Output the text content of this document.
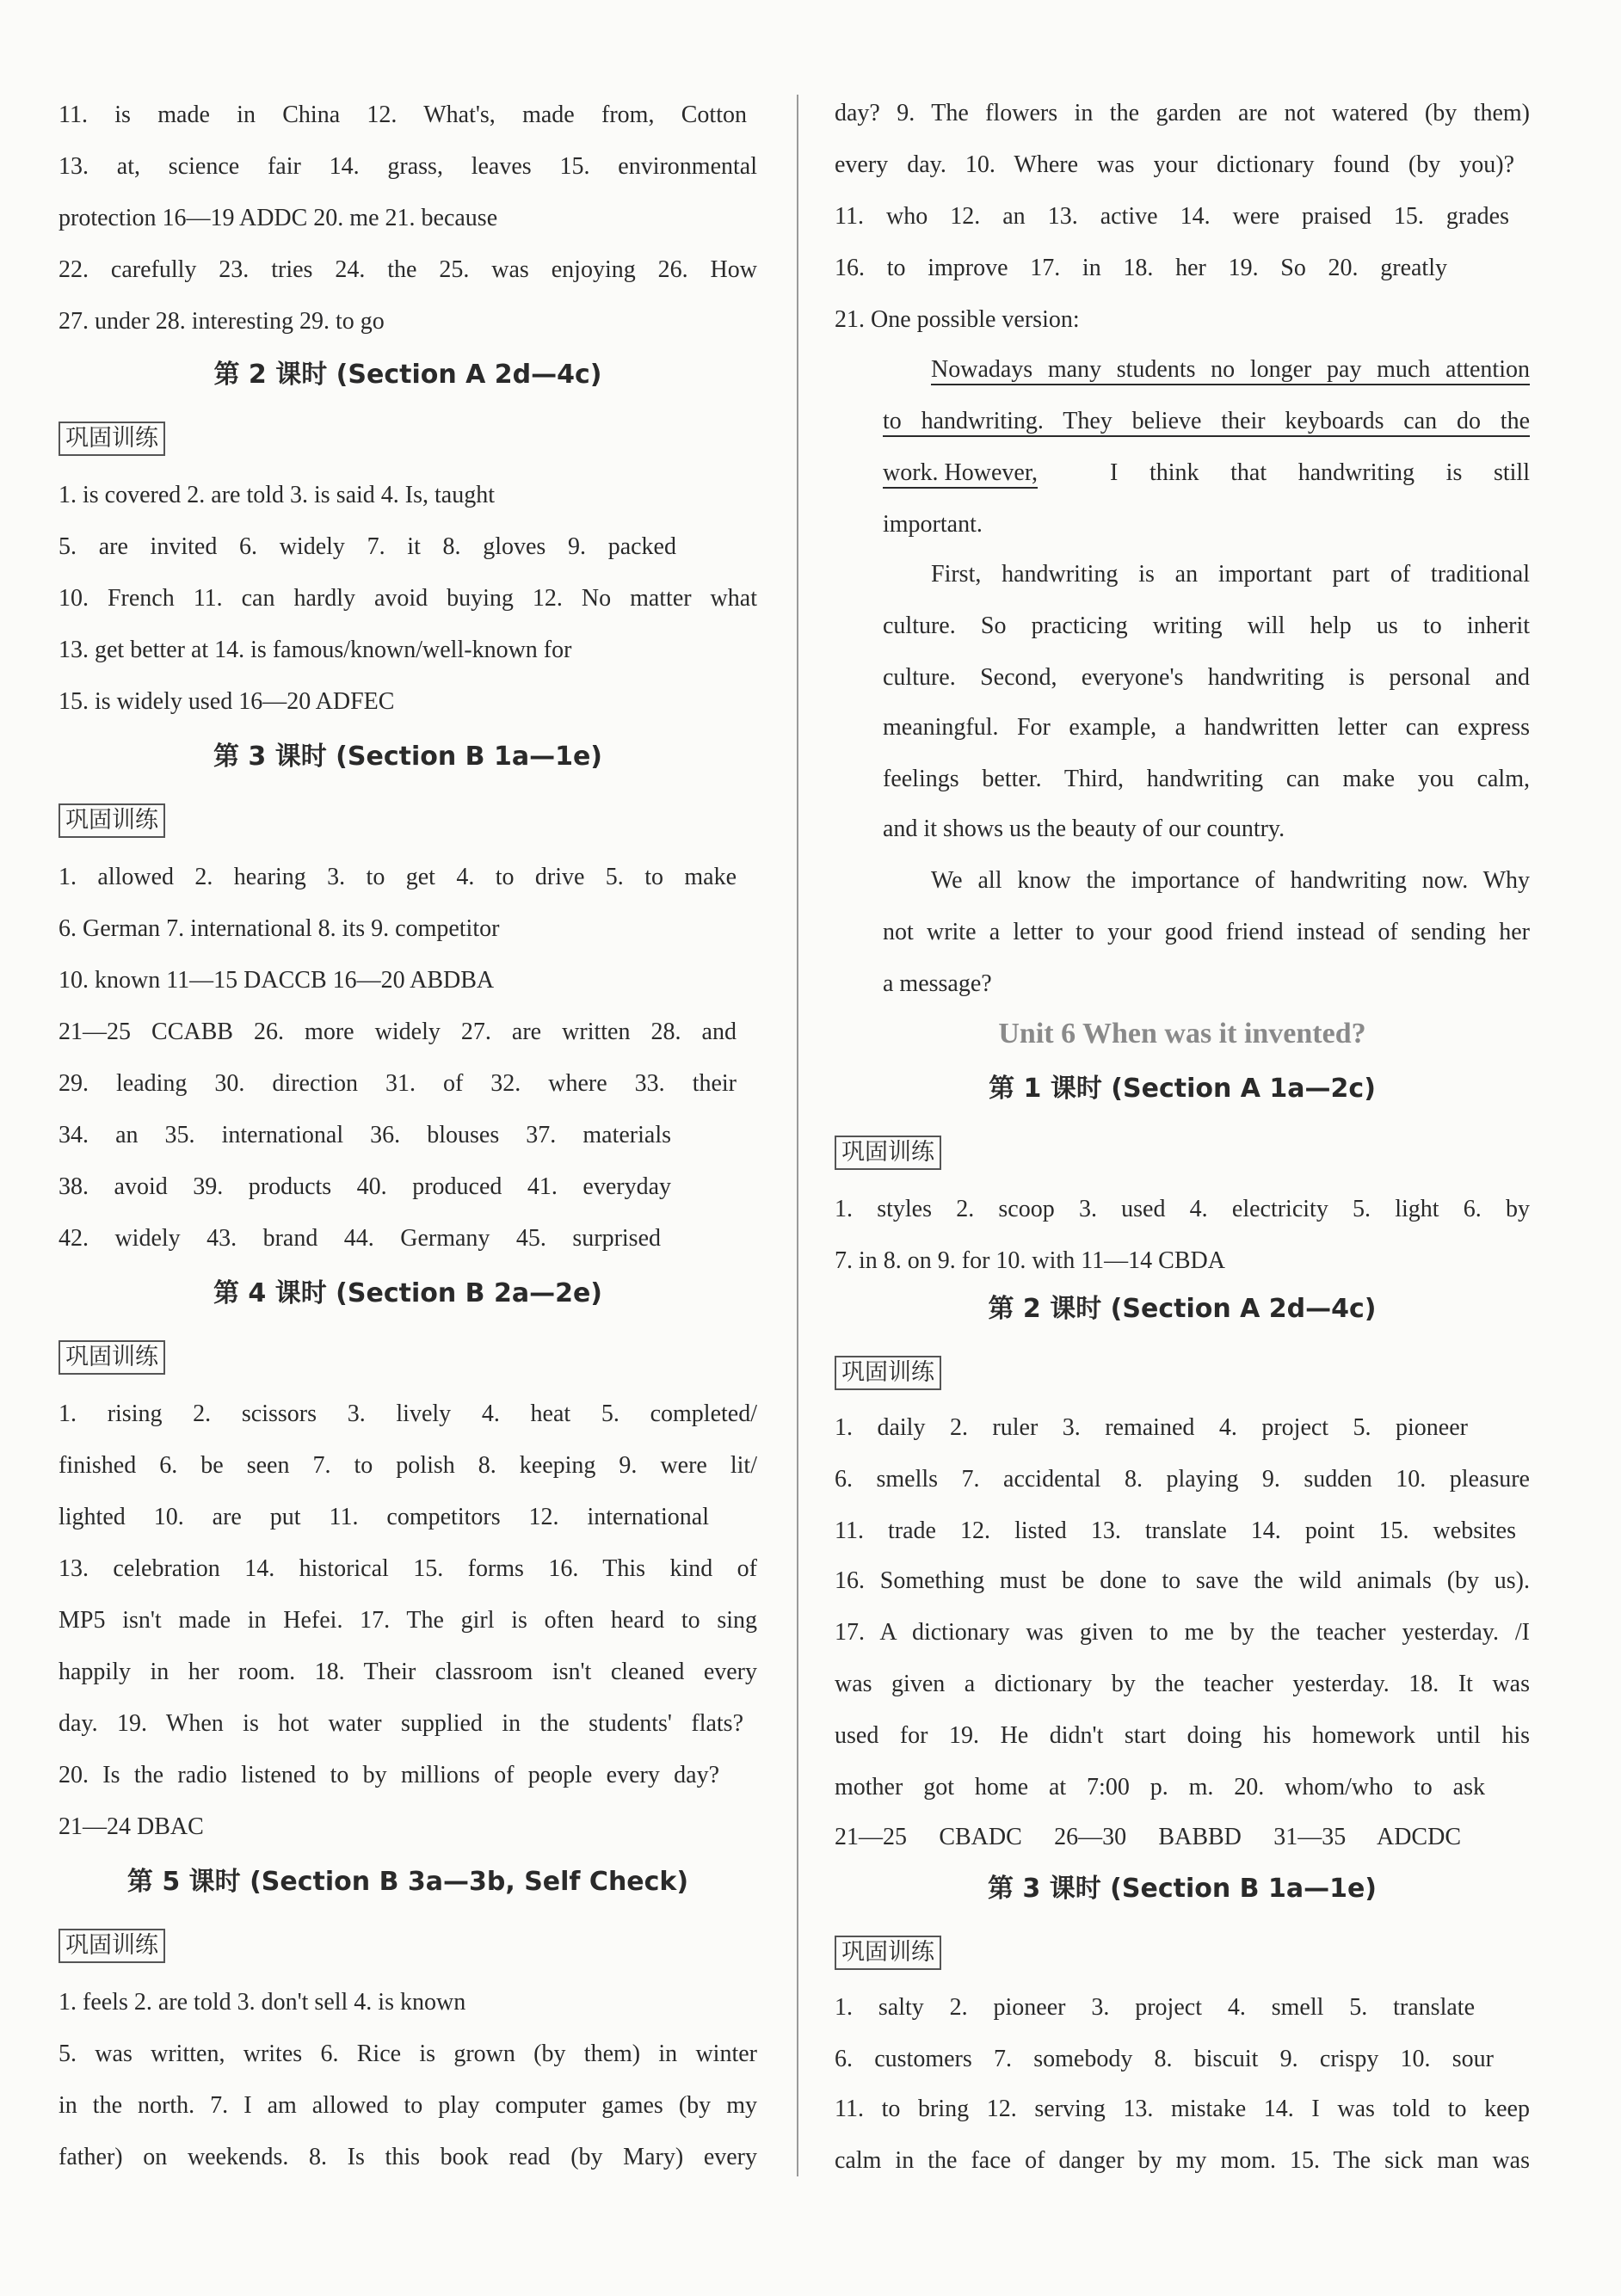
11. is made in China 12. What's, made from, Cotton
13. at, science fair 14. grass, leaves 15. environmental
protection 16—19 ADDC 20. me 21. because
22. carefully 23. tries 24. the 25. was enjoying 26. How
27. under 28. interesting 29. to go
第 2 课时 (Section A 2d—4c)
巩固训练
1. is covered 2. are told 3. is said 4. Is, taught
5. are invited 6. widely 7. it 8. gloves 9. packed
10. French 11. can hardly avoid buying 12. No matter what
13. get better at 14. is famous/known/well-known for
15. is widely used 16—20 ADFEC
第 3 课时 (Section B 1a—1e)
巩固训练
1. allowed 2. hearing 3. to get 4. to drive 5. to make
6. German 7. international 8. its 9. competitor
10. known 11—15 DACCB 16—20 ABDBA
21—25 CCABB 26. more widely 27. are written 28. and
29. leading 30. direction 31. of 32. where 33. their
34. an 35. international 36. blouses 37. materials
38. avoid 39. products 40. produced 41. everyday
42. widely 43. brand 44. Germany 45. surprised
第 4 课时 (Section B 2a—2e)
巩固训练
1. rising 2. scissors 3. lively 4. heat 5. completed/
finished 6. be seen 7. to polish 8. keeping 9. were lit/
lighted 10. are put 11. competitors 12. international
13. celebration 14. historical 15. forms 16. This kind of
MP5 isn't made in Hefei. 17. The girl is often heard to sing
happily in her room. 18. Their classroom isn't cleaned every
day. 19. When is hot water supplied in the students' flats?
20. Is the radio listened to by millions of people every day?
21—24 DBAC
第 5 课时 (Section B 3a—3b, Self Check)
巩固训练
1. feels 2. are told 3. don't sell 4. is known
5. was written, writes 6. Rice is grown (by them) in winter
in the north. 7. I am allowed to play computer games (by my
father) on weekends. 8. Is this book read (by Mary) every
day? 9. The flowers in the garden are not watered (by them)
every day. 10. Where was your dictionary found (by you)?
11. who 12. an 13. active 14. were praised 15. grades
16. to improve 17. in 18. her 19. So 20. greatly
21. One possible version:
Nowadays many students no longer pay much attention
to handwriting. They believe their keyboards can do the
work. However,	I think that handwriting is still
important.
First, handwriting is an important part of traditional
culture. So practicing writing will help us to inherit
culture. Second, everyone's handwriting is personal and
meaningful. For example, a handwritten letter can express
feelings better. Third, handwriting can make you calm,
and it shows us the beauty of our country.
We all know the importance of handwriting now. Why
not write a letter to your good friend instead of sending her
a message?
Unit 6 When was it invented?
第 1 课时 (Section A 1a—2c)
巩固训练
1. styles 2. scoop 3. used 4. electricity 5. light 6. by
7. in 8. on 9. for 10. with 11—14 CBDA
第 2 课时 (Section A 2d—4c)
巩固训练
1. daily 2. ruler 3. remained 4. project 5. pioneer
6. smells 7. accidental 8. playing 9. sudden 10. pleasure
11. trade 12. listed 13. translate 14. point 15. websites
16. Something must be done to save the wild animals (by us).
17. A dictionary was given to me by the teacher yesterday. /I
was given a dictionary by the teacher yesterday. 18. It was
used for 19. He didn't start doing his homework until his
mother got home at 7:00 p. m. 20. whom/who to ask
21—25 CBADC 26—30 BABBD 31—35 ADCDC
第 3 课时 (Section B 1a—1e)
巩固训练
1. salty 2. pioneer 3. project 4. smell 5. translate
6. customers 7. somebody 8. biscuit 9. crispy 10. sour
11. to bring 12. serving 13. mistake 14. I was told to keep
calm in the face of danger by my mom. 15. The sick man was
